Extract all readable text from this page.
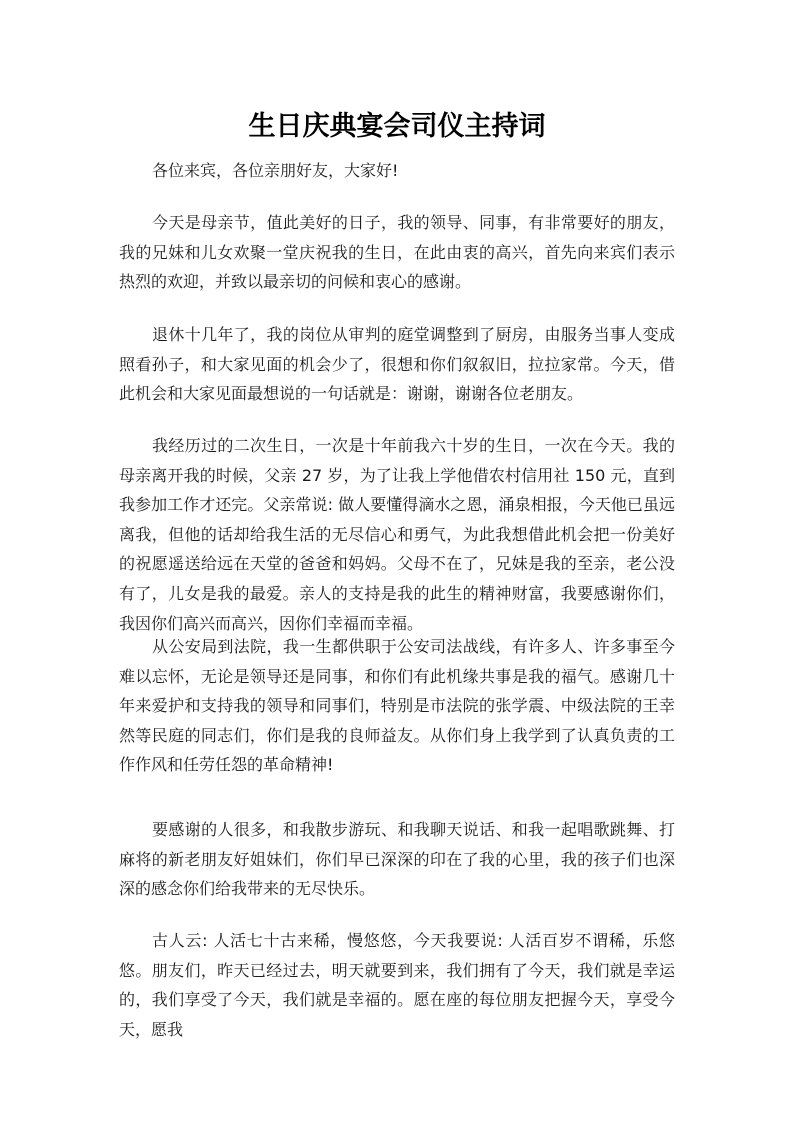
生日庆典宴会司仪主持词

各位来宾，各位亲朋好友，大家好!

今天是母亲节，值此美好的日子，我的领导、同事，有非常要好的朋友，我的兄妹和儿女欢聚一堂庆祝我的生日，在此由衷的高兴，首先向来宾们表示热烈的欢迎，并致以最亲切的问候和衷心的感谢。

退休十几年了，我的岗位从审判的庭堂调整到了厨房，由服务当事人变成照看孙子，和大家见面的机会少了，很想和你们叙叙旧，拉拉家常。今天，借此机会和大家见面最想说的一句话就是：谢谢，谢谢各位老朋友。

我经历过的二次生日，一次是十年前我六十岁的生日，一次在今天。我的母亲离开我的时候，父亲 27 岁，为了让我上学他借农村信用社 150 元，直到我参加工作才还完。父亲常说: 做人要懂得滴水之恩，涌泉相报，今天他已虽远离我，但他的话却给我生活的无尽信心和勇气，为此我想借此机会把一份美好的祝愿遥送给远在天堂的爸爸和妈妈。父母不在了，兄妹是我的至亲，老公没有了，儿女是我的最爱。亲人的支持是我的此生的精神财富，我要感谢你们，我因你们高兴而高兴，因你们幸福而幸福。

从公安局到法院，我一生都供职于公安司法战线，有许多人、许多事至今难以忘怀，无论是领导还是同事，和你们有此机缘共事是我的福气。感谢几十年来爱护和支持我的领导和同事们，特别是市法院的张学震、中级法院的王幸然等民庭的同志们，你们是我的良师益友。从你们身上我学到了认真负责的工作作风和任劳任怨的革命精神!

要感谢的人很多，和我散步游玩、和我聊天说话、和我一起唱歌跳舞、打麻将的新老朋友好姐妹们，你们早已深深的印在了我的心里，我的孩子们也深深的感念你们给我带来的无尽快乐。

古人云: 人活七十古来稀，慢悠悠，今天我要说: 人活百岁不谓稀，乐悠悠。朋友们，昨天已经过去，明天就要到来，我们拥有了今天，我们就是幸运的，我们享受了今天，我们就是幸福的。愿在座的每位朋友把握今天，享受今天，愿我
